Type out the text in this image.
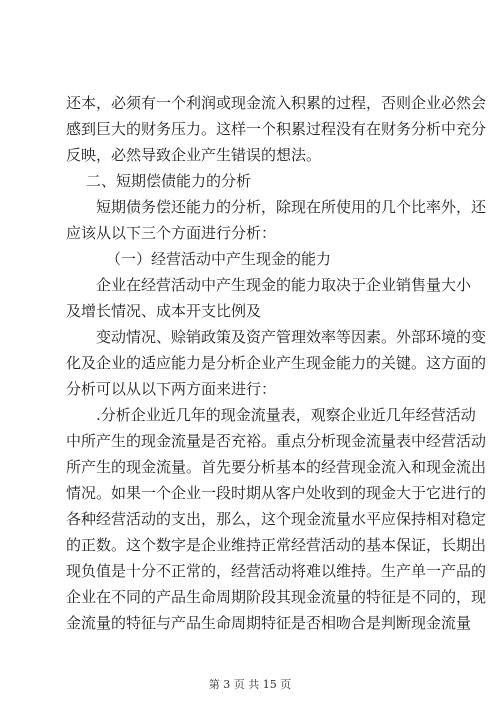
还本，必须有一个利润或现金流入积累的过程，否则企业必然会
感到巨大的财务压力。这样一个积累过程没有在财务分析中充分
反映，必然导致企业产生错误的想法。
二、短期偿债能力的分析
短期债务偿还能力的分析，除现在所使用的几个比率外，还
应该从以下三个方面进行分析：
（一）经营活动中产生现金的能力
企业在经营活动中产生现金的能力取决于企业销售量大小
及增长情况、成本开支比例及
变动情况、赊销政策及资产管理效率等因素。外部环境的变
化及企业的适应能力是分析企业产生现金能力的关键。这方面的
分析可以从以下两方面来进行：
.分析企业近几年的现金流量表，观察企业近几年经营活动
中所产生的现金流量是否充裕。重点分析现金流量表中经营活动
所产生的现金流量。首先要分析基本的经营现金流入和现金流出
情况。如果一个企业一段时期从客户处收到的现金大于它进行的
各种经营活动的支出，那么，这个现金流量水平应保持相对稳定
的正数。这个数字是企业维持正常经营活动的基本保证，长期出
现负值是十分不正常的，经营活动将难以维持。生产单一产品的
企业在不同的产品生命周期阶段其现金流量的特征是不同的，现
金流量的特征与产品生命周期特征是否相吻合是判断现金流量
第 3 页 共 15 页
